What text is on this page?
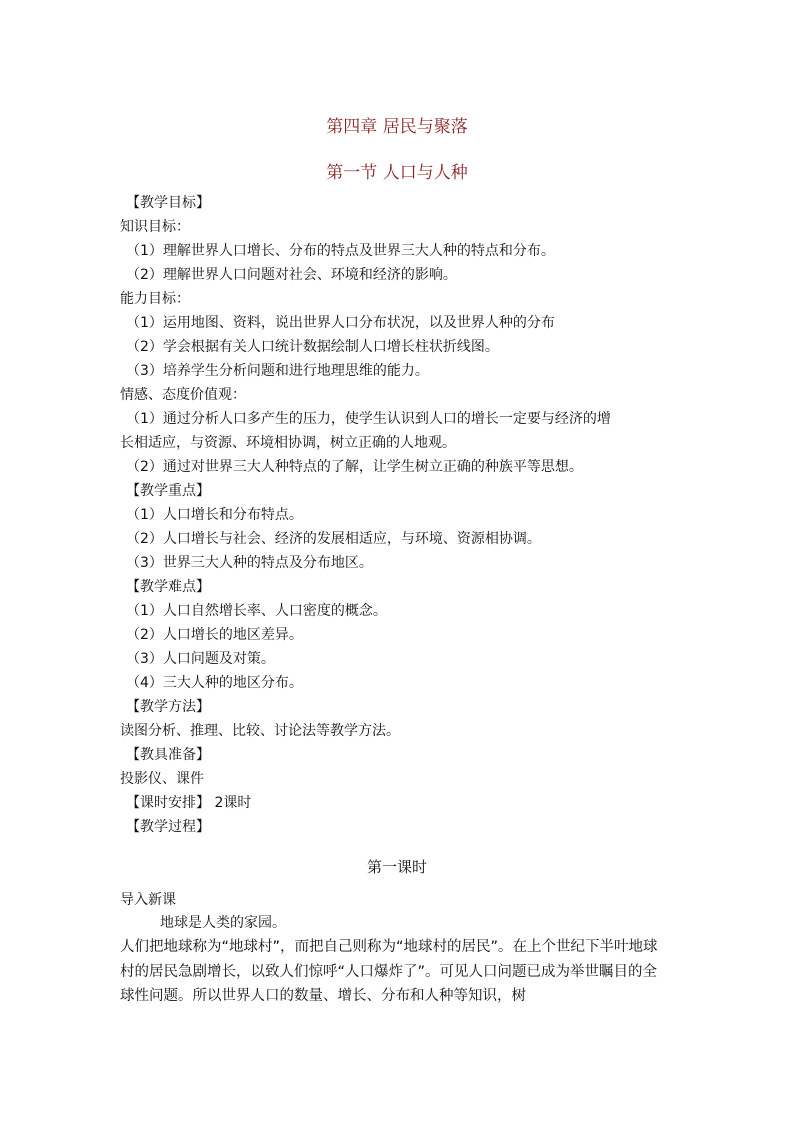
第四章 居民与聚落
第一节 人口与人种
【教学目标】
知识目标：
（1）理解世界人口增长、分布的特点及世界三大人种的特点和分布。
（2）理解世界人口问题对社会、环境和经济的影响。
能力目标：
（1）运用地图、资料，说出世界人口分布状况，以及世界人种的分布
（2）学会根据有关人口统计数据绘制人口增长柱状折线图。
（3）培养学生分析问题和进行地理思维的能力。
情感、态度价值观：
（1）通过分析人口多产生的压力，使学生认识到人口的增长一定要与经济的增
长相适应，与资源、环境相协调，树立正确的人地观。
（2）通过对世界三大人种特点的了解，让学生树立正确的种族平等思想。
【教学重点】
（1）人口增长和分布特点。
（2）人口增长与社会、经济的发展相适应，与环境、资源相协调。
（3）世界三大人种的特点及分布地区。
【教学难点】
（1）人口自然增长率、人口密度的概念。
（2）人口增长的地区差异。
（3）人口问题及对策。
（4）三大人种的地区分布。
【教学方法】
读图分析、推理、比较、讨论法等教学方法。
【教具准备】
投影仪、课件
【课时安排】 2课时
【教学过程】
第一课时
导入新课
地球是人类的家园。
人们把地球称为“地球村”，而把自己则称为“地球村的居民”。在上个世纪下半叶地球村的居民急剧增长，以致人们惊呼“人口爆炸了”。可见人口问题已成为举世瞩目的全球性问题。所以世界人口的数量、增长、分布和人种等知识，树
